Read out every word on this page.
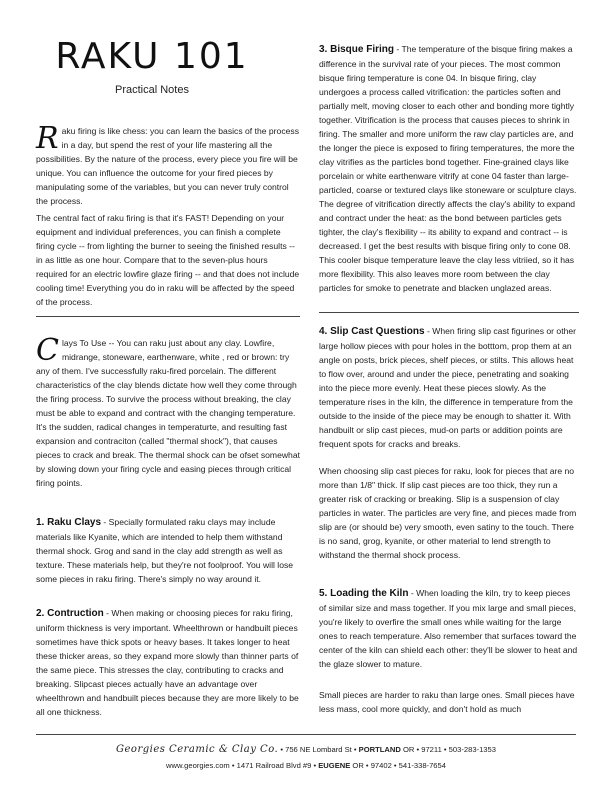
RAKU 101
Practical Notes

Raku firing is like chess: you can learn the basics of the process in a day, but spend the rest of your life mastering all the possibilities. By the nature of the process, every piece you fire will be unique. You can influence the outcome for your fired pieces by manipulating some of the variables, but you can never truly control the process.

The central fact of raku firing is that it's FAST! Depending on your equipment and individual preferences, you can finish a complete firing cycle -- from lighting the burner to seeing the finished results -- in as little as one hour. Compare that to the seven-plus hours required for an electric lowfire glaze firing -- and that does not include cooling time! Everything you do in raku will be affected by the speed of the process.

Clays To Use -- You can raku just about any clay. Lowfire, midrange, stoneware, earthenware, white , red or brown: try any of them. I've successfully raku-fired porcelain. The different characteristics of the clay blends dictate how well they come through the firing process. To survive the process without breaking, the clay must be able to expand and contract with the changing temperature. It's the sudden, radical changes in temperaturte, and resulting fast expansion and contraciton (called "thermal shock"), that causes pieces to crack and break. The thermal shock can be ofset somewhat by slowing down your firing cycle and easing pieces through critical firing points.

1. Raku Clays - Specially formulated raku clays may include materials like Kyanite, which are intended to help them withstand thermal shock. Grog and sand in the clay add strength as well as texture. These materials help, but they're not foolproof. You will lose some pieces in raku firing. There's simply no way around it.

2. Contruction - When making or choosing pieces for raku firing, uniform thickness is very important. Wheelthrown or handbuilt pieces sometimes have thick spots or heavy bases. It takes longer to heat these thicker areas, so they expand more slowly than thinner parts of the same piece. This stresses the clay, contributing to cracks and breaking. Slipcast pieces actually have an advantage over wheelthrown and handbuilt pieces because they are more likely to be all one thickness.

3. Bisque Firing - The temperature of the bisque firing makes a difference in the survival rate of your pieces. The most common bisque firing temperature is cone 04. In bisque firing, clay undergoes a process called vitrification: the particles soften and partially melt, moving closer to each other and bonding more tightly together. Vitrification is the process that causes pieces to shrink in firing. The smaller and more uniform the raw clay particles are, and the longer the piece is exposed to firing temperatures, the more the clay vitrifies as the particles bond together. Fine-grained clays like porcelain or white earthenware vitrify at cone 04 faster than large-particled, coarse or textured clays like stoneware or sculpture clays. The degree of vitrification directly affects the clay's ability to expand and contract under the heat: as the bond between particles gets tighter, the clay's flexibility -- its ability to expand and contract -- is decreased. I get the best results with bisque firing only to cone 08. This cooler bisque temperature leave the clay less vitriied, so it has more flexibility. This also leaves more room between the clay particles for smoke to penetrate and blacken unglazed areas.

4. Slip Cast Questions - When firing slip cast figurines or other large hollow pieces with pour holes in the botttom, prop them at an angle on posts, brick pieces, shelf pieces, or stilts. This allows heat to flow over, around and under the piece, penetrating and soaking into the piece more evenly. Heat these pieces slowly. As the temperature rises in the kiln, the difference in temperature from the outside to the inside of the piece may be enough to shatter it. With handbuilt or slip cast pieces, mud-on parts or addition points are frequent spots for cracks and breaks.

When choosing slip cast pieces for raku, look for pieces that are no more than 1/8" thick. If slip cast pieces are too thick, they run a greater risk of cracking or breaking. Slip is a suspension of clay particles in water. The particles are very fine, and pieces made from slip are (or should be) very smooth, even satiny to the touch. There is no sand, grog, kyanite, or other material to lend strength to withstand the thermal shock process.

5. Loading the Kiln - When loading the kiln, try to keep pieces of similar size and mass together. If you mix large and small pieces, you're likely to overfire the small ones while waiting for the large ones to reach temperature. Also remember that surfaces toward the center of the kiln can shield each other: they'll be slower to heat and the glaze slower to mature.

Small pieces are harder to raku than large ones. Small pieces have less mass, cool more quickly, and don't hold as much

Georgies Ceramic & Clay Co. • 756 NE Lombard St • PORTLAND OR • 97211 • 503-283-1353
www.georgies.com • 1471 Railroad Blvd #9 • EUGENE OR • 97402 • 541-338-7654
